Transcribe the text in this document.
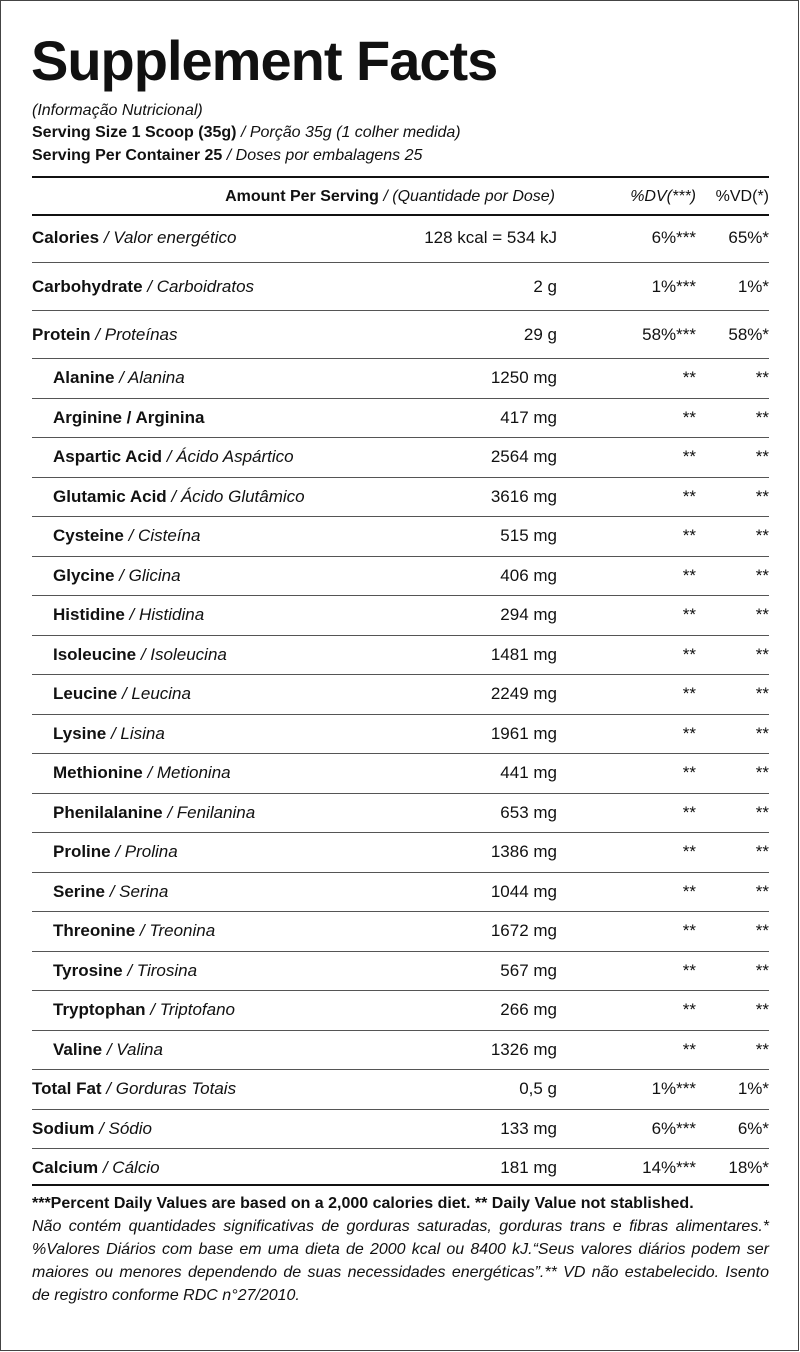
Supplement Facts
(Informação Nutricional)
Serving Size 1 Scoop (35g) / Porção 35g (1 colher medida)
Serving Per Container 25 / Doses por embalagens 25
Amount Per Serving / (Quantidade por Dose)	%DV(***) %VD(*)
Calories / Valor energético	128 kcal = 534 kJ	6%*** 65%*
Carbohydrate / Carboidratos	2 g	1%*** 1%*
Protein / Proteínas	29 g	58%*** 58%*
Alanine / Alanina	1250 mg	**	**
Arginine / Arginina	417 mg	**	**
Aspartic Acid / Ácido Aspártico	2564 mg	**	**
Glutamic Acid / Ácido Glutâmico	3616 mg	**	**
Cysteine / Cisteína	515 mg	**	**
Glycine / Glicina	406 mg	**	**
Histidine / Histidina	294 mg	**	**
Isoleucine / Isoleucina	1481 mg	**	**
Leucine / Leucina	2249 mg	**	**
Lysine / Lisina	1961 mg	**	**
Methionine / Metionina	441 mg	**	**
Phenilalanine / Fenilanina	653 mg	**	**
Proline / Prolina	1386 mg	**	**
Serine / Serina	1044 mg	**	**
Threonine / Treonina	1672 mg	**	**
Tyrosine / Tirosina	567 mg	**	**
Tryptophan / Triptofano	266 mg	**	**
Valine / Valina	1326 mg	**	**
Total Fat / Gorduras Totais	0,5 g	1%*** 1%*
Sodium / Sódio	133 mg	6%*** 6%*
Calcium / Cálcio	181 mg	14%*** 18%*
***Percent Daily Values are based on a 2,000 calories diet. ** Daily Value not stablished.
Não contém quantidades significativas de gorduras saturadas, gorduras trans e fibras alimentares.* %Valores Diários com base em uma dieta de 2000 kcal ou 8400 kJ.“Seus valores diários podem ser maiores ou menores dependendo de suas necessidades energéticas”.** VD não estabelecido. Isento de registro conforme RDC n°27/2010.
